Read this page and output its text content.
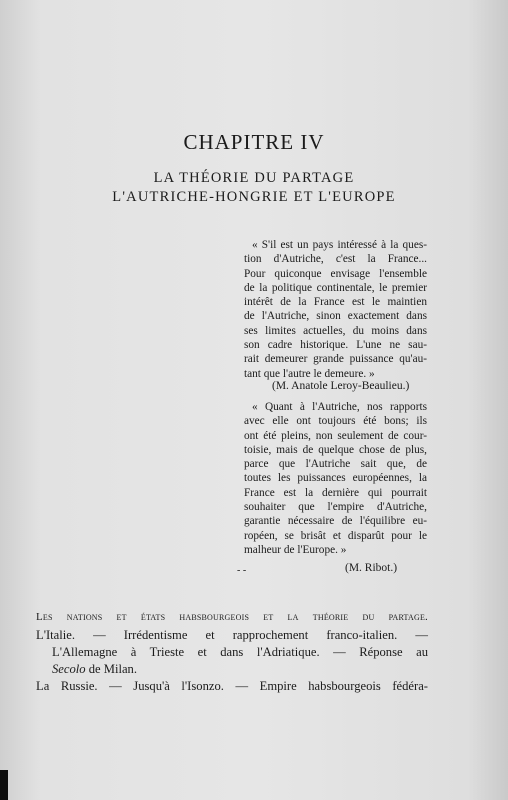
CHAPITRE IV
LA THÉORIE DU PARTAGE
L'AUTRICHE-HONGRIE ET L'EUROPE
« S'il est un pays intéressé à la ques-
tion d'Autriche, c'est la France...
Pour quiconque envisage l'ensemble
de la politique continentale, le premier
intérêt de la France est le maintien
de l'Autriche, sinon exactement dans
ses limites actuelles, du moins dans
son cadre historique. L'une ne sau-
rait demeurer grande puissance qu'au-
tant que l'autre le demeure. »
(M. Anatole Leroy-Beaulieu.)
« Quant à l'Autriche, nos rapports
avec elle ont toujours été bons; ils
ont été pleins, non seulement de cour-
toisie, mais de quelque chose de plus,
parce que l'Autriche sait que, de
toutes les puissances européennes, la
France est la dernière qui pourrait
souhaiter que l'empire d'Autriche,
garantie nécessaire de l'équilibre eu-
ropéen, se brisât et disparût pour le
malheur de l'Europe. »
- -	(M. Ribot.)
Les nations et états habsbourgeois et la théorie du partage.
L'Italie. — Irrédentisme et rapprochement franco-italien. —
L'Allemagne à Trieste et dans l'Adriatique. — Réponse au
Secolo de Milan.
La Russie. — Jusqu'à l'Isonzo. — Empire habsbourgeois fédéra-
